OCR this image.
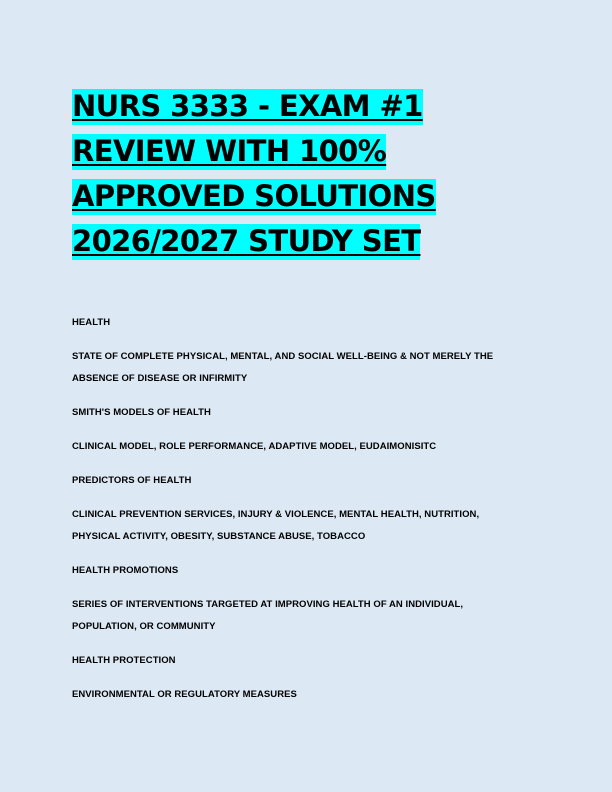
NURS 3333 - EXAM #1 REVIEW WITH 100% APPROVED SOLUTIONS 2026/2027 STUDY SET

HEALTH

STATE OF COMPLETE PHYSICAL, MENTAL, AND SOCIAL WELL-BEING & NOT MERELY THE ABSENCE OF DISEASE OR INFIRMITY

SMITH'S MODELS OF HEALTH

CLINICAL MODEL, ROLE PERFORMANCE, ADAPTIVE MODEL, EUDAIMONISITC

PREDICTORS OF HEALTH

CLINICAL PREVENTION SERVICES, INJURY & VIOLENCE, MENTAL HEALTH, NUTRITION, PHYSICAL ACTIVITY, OBESITY, SUBSTANCE ABUSE, TOBACCO

HEALTH PROMOTIONS

SERIES OF INTERVENTIONS TARGETED AT IMPROVING HEALTH OF AN INDIVIDUAL, POPULATION, OR COMMUNITY

HEALTH PROTECTION

ENVIRONMENTAL OR REGULATORY MEASURES
